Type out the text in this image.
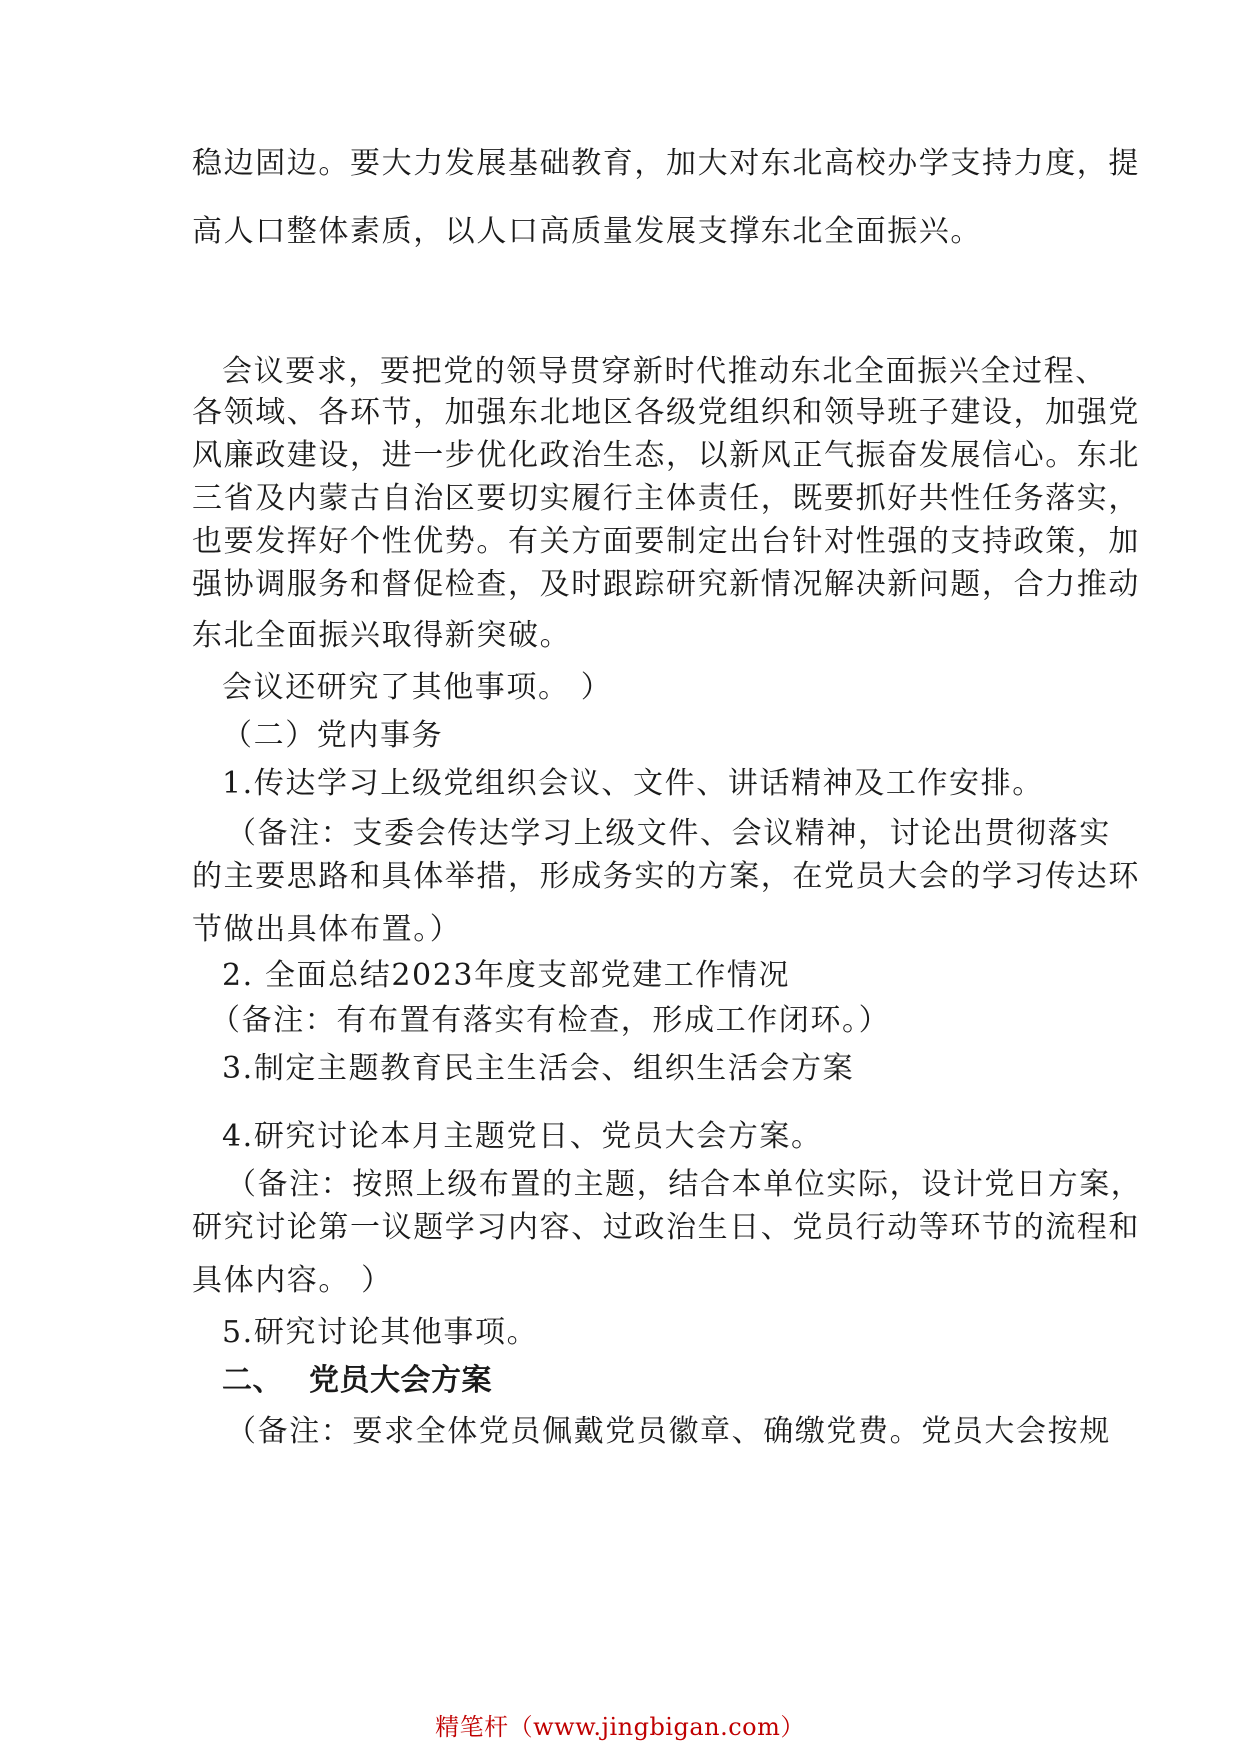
稳边固边。要大力发展基础教育，加大对东北高校办学支持力度，提
高人口整体素质，以人口高质量发展支撑东北全面振兴。
会议要求，要把党的领导贯穿新时代推动东北全面振兴全过程、
各领域、各环节，加强东北地区各级党组织和领导班子建设，加强党
风廉政建设，进一步优化政治生态，以新风正气振奋发展信心。东北
三省及内蒙古自治区要切实履行主体责任，既要抓好共性任务落实，
也要发挥好个性优势。有关方面要制定出台针对性强的支持政策，加
强协调服务和督促检查，及时跟踪研究新情况解决新问题，合力推动
东北全面振兴取得新突破。
会议还研究了其他事项。 ）
（二）党内事务
1.传达学习上级党组织会议、文件、讲话精神及工作安排。
（备注：支委会传达学习上级文件、会议精神，讨论出贯彻落实
的主要思路和具体举措，形成务实的方案，在党员大会的学习传达环
节做出具体布置。）
2. 全面总结2023年度支部党建工作情况
（备注：有布置有落实有检查，形成工作闭环。）
3.制定主题教育民主生活会、组织生活会方案
4.研究讨论本月主题党日、党员大会方案。
（备注：按照上级布置的主题，结合本单位实际，设计党日方案，
研究讨论第一议题学习内容、过政治生日、党员行动等环节的流程和
具体内容。 ）
5.研究讨论其他事项。
二、 党员大会方案
（备注：要求全体党员佩戴党员徽章、确缴党费。党员大会按规
精笔杆（www.jingbigan.com）
